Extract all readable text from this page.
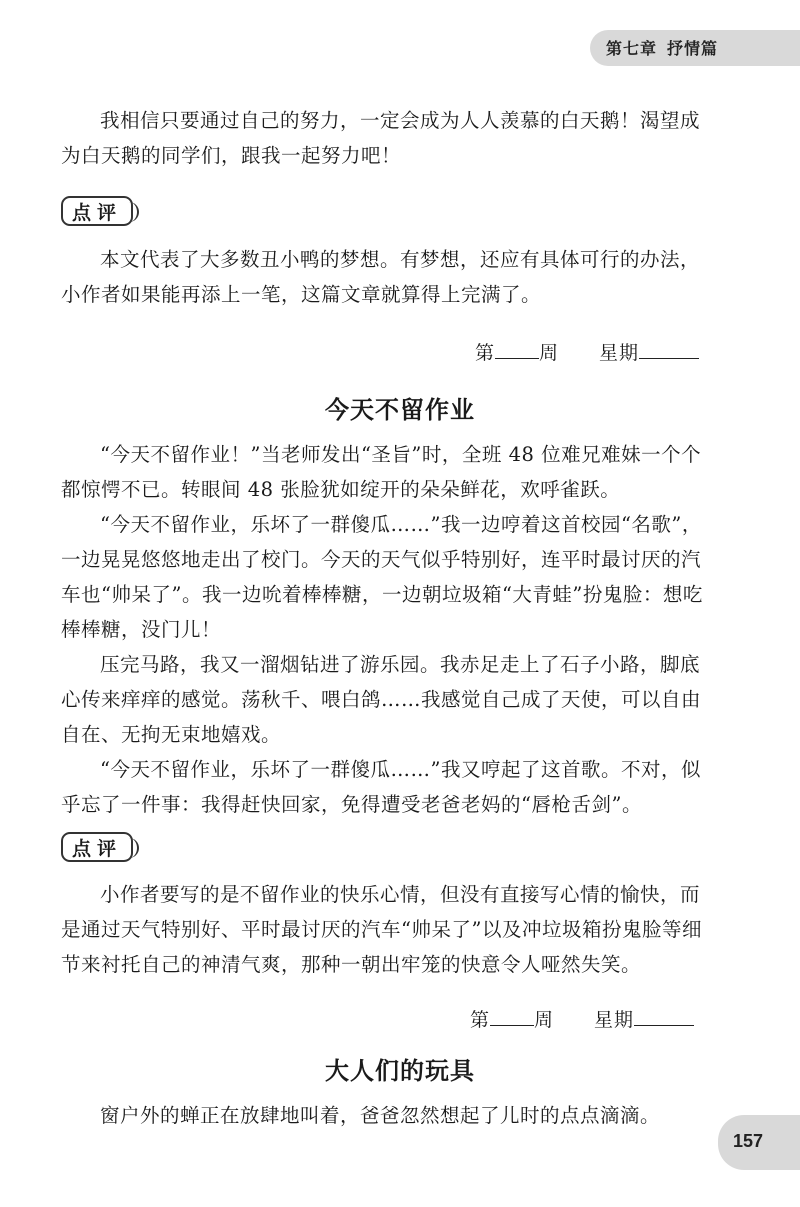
第七章 抒情篇

我相信只要通过自己的努力，一定会成为人人羡慕的白天鹅！渴望成为白天鹅的同学们，跟我一起努力吧！

点评

本文代表了大多数丑小鸭的梦想。有梦想，还应有具体可行的办法，小作者如果能再添上一笔，这篇文章就算得上完满了。

第 周 星期
今天不留作业

“今天不留作业！”当老师发出“圣旨”时，全班 48 位难兄难妹一个个都惊愕不已。转眼间 48 张脸犹如绽开的朵朵鲜花，欢呼雀跃。

“今天不留作业，乐坏了一群傻瓜……”我一边哼着这首校园“名歌”，一边晃晃悠悠地走出了校门。今天的天气似乎特别好，连平时最讨厌的汽车也“帅呆了”。我一边吮着棒棒糖，一边朝垃圾箱“大青蛙”扮鬼脸：想吃棒棒糖，没门儿！

压完马路，我又一溜烟钻进了游乐园。我赤足走上了石子小路，脚底心传来痒痒的感觉。荡秋千、喂白鸽……我感觉自己成了天使，可以自由自在、无拘无束地嬉戏。

“今天不留作业，乐坏了一群傻瓜……”我又哼起了这首歌。不对，似乎忘了一件事：我得赶快回家，免得遭受老爸老妈的“唇枪舌剑”。

点评

小作者要写的是不留作业的快乐心情，但没有直接写心情的愉快，而是通过天气特别好、平时最讨厌的汽车“帅呆了”以及冲垃圾箱扮鬼脸等细节来衬托自己的神清气爽，那种一朝出牢笼的快意令人哑然失笑。

第 周 星期
大人们的玩具

窗户外的蝉正在放肆地叫着，爸爸忽然想起了儿时的点点滴滴。

157
